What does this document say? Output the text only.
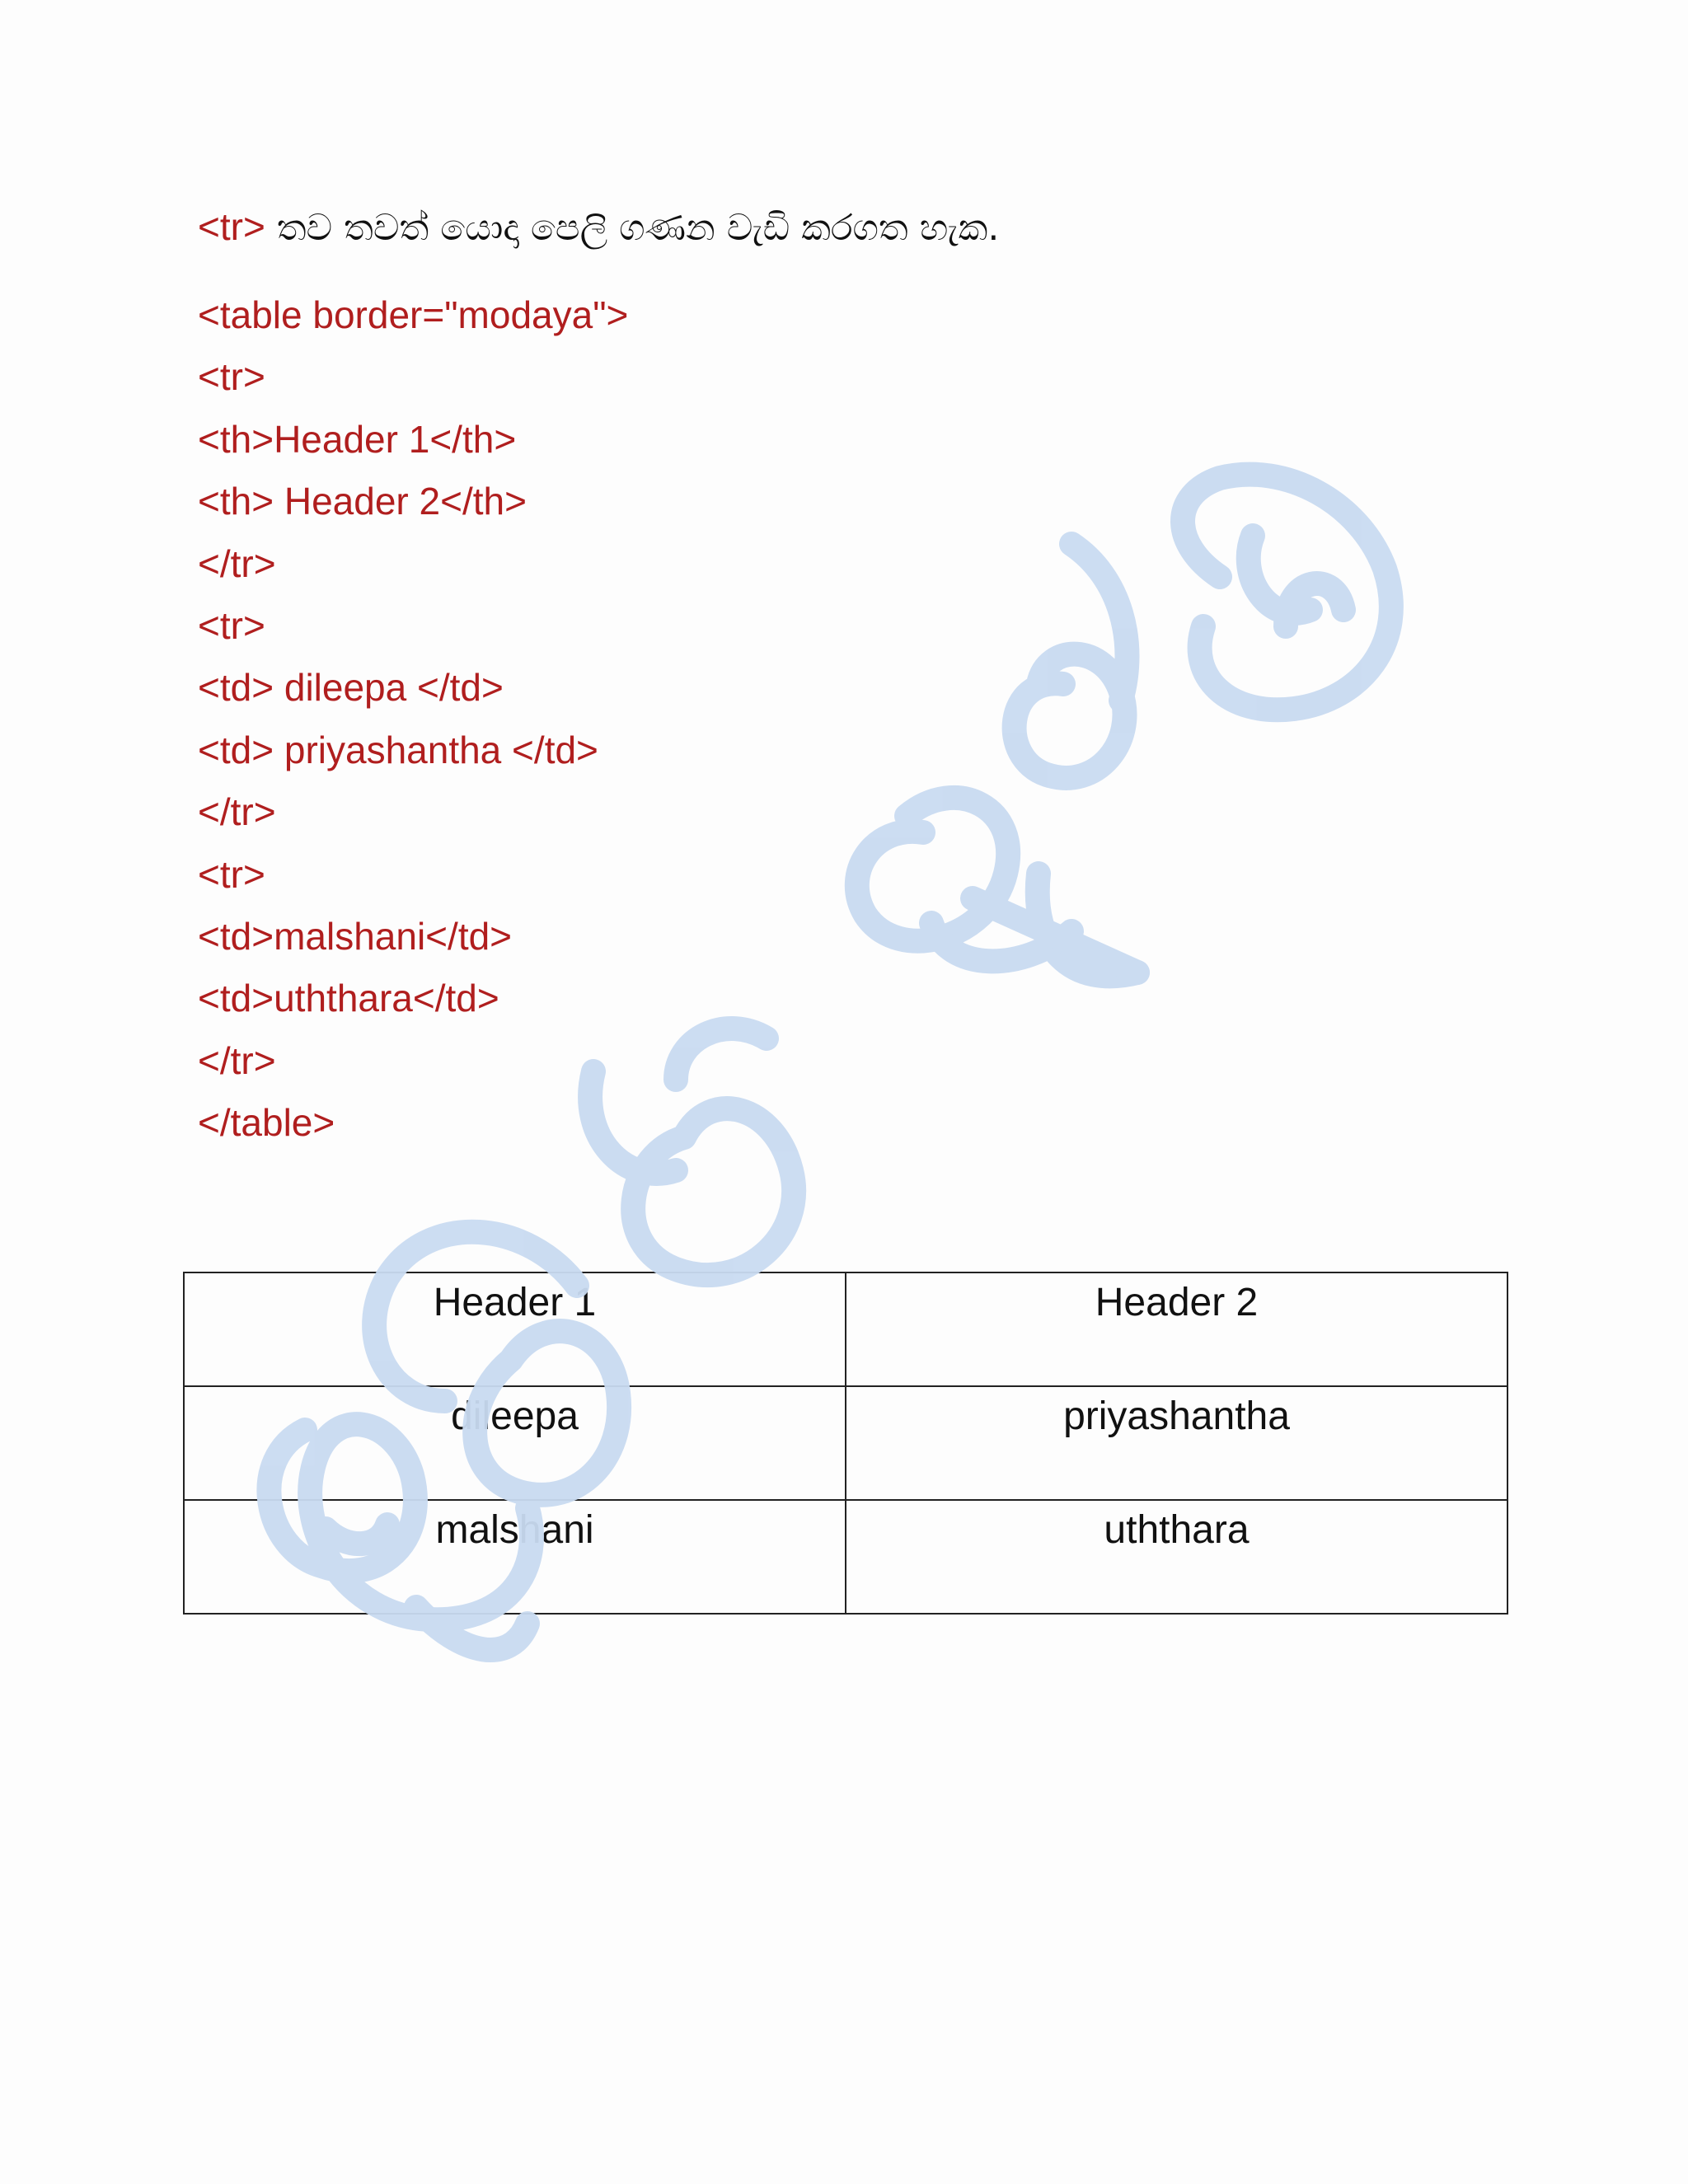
<tr> තව තවත් යොදා පෙලි ගණන වැඩි කරගත හැක.
<table border="modaya">
<tr>
<th>Header 1</th>
<th> Header 2</th>
</tr>
<tr>
<td> dileepa </td>
<td> priyashantha </td>
</tr>
<tr>
<td>malshani</td>
<td>uththara</td>
</tr>
</table>
Header 1	Header 2
dileepa	priyashantha
malshani	uththara
